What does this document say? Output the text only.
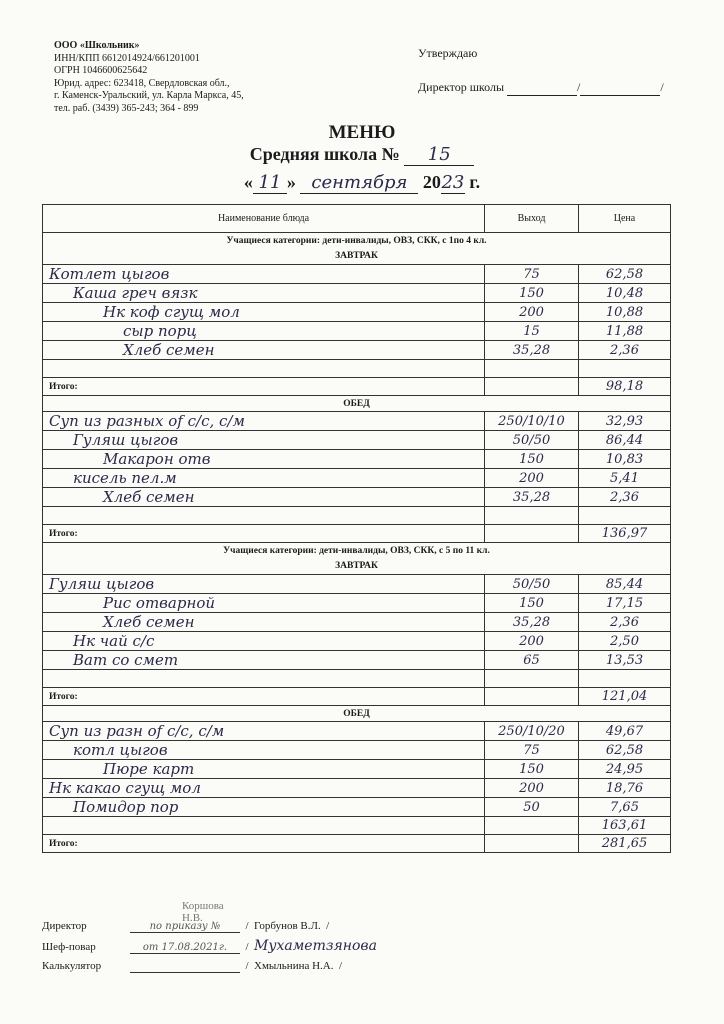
ООО «Школьник»
ИНН/КПП 6612014924/661201001
ОГРН 1046600625642
Юрид. адрес: 623418, Свердловская обл.,
г. Каменск-Уральский, ул. Карла Маркса, 45,
тел. раб. (3439) 365-243; 364 - 899
Утверждаю
Директор школы	/	/
МЕНЮ
Средняя школа № 15
« 11 » сентября 2023 г.
Наименование блюда	Выход	Цена
Учащиеся категории: дети-инвалиды, ОВЗ, СКК, с 1по 4 кл.		
ЗАВТРАК		
Котлет цыгов	75	62,58
Каша греч вязк	150	10,48
Нк коф сгущ мол	200	10,88
сыр порц	15	11,88
Хлеб семен	35,28	2,36

Итого:		98,18
ОБЕД		
Суп из разных оf с/с, с/м	250/10/10	32,93
Гуляш цыгов	50/50	86,44
Макарон отв	150	10,83
кисель пел.м	200	5,41
Хлеб семен	35,28	2,36

Итого:		136,97
Учащиеся категории: дети-инвалиды, ОВЗ, СКК, с 5 по 11 кл.		
ЗАВТРАК		
Гуляш цыгов	50/50	85,44
Рис отварной	150	17,15
Хлеб семен	35,28	2,36
Нк чай с/с	200	2,50
Ват со смет	65	13,53

Итого:		121,04
ОБЕД		
Суп из разн оf с/с, с/м	250/10/20	49,67
котл цыгов	75	62,58
Пюре карт	150	24,95
Нк какао сгущ мол	200	18,76
Помидор пор	50	7,65
		163,61
Итого:		281,65
Коршова Н.В.
Директор	по приказу № / Горбунов В.Л. /
Шеф-повар	от 17.08.2021г. / Мухаметзянова
Калькулятор	/ Хмыльнина Н.А. /
